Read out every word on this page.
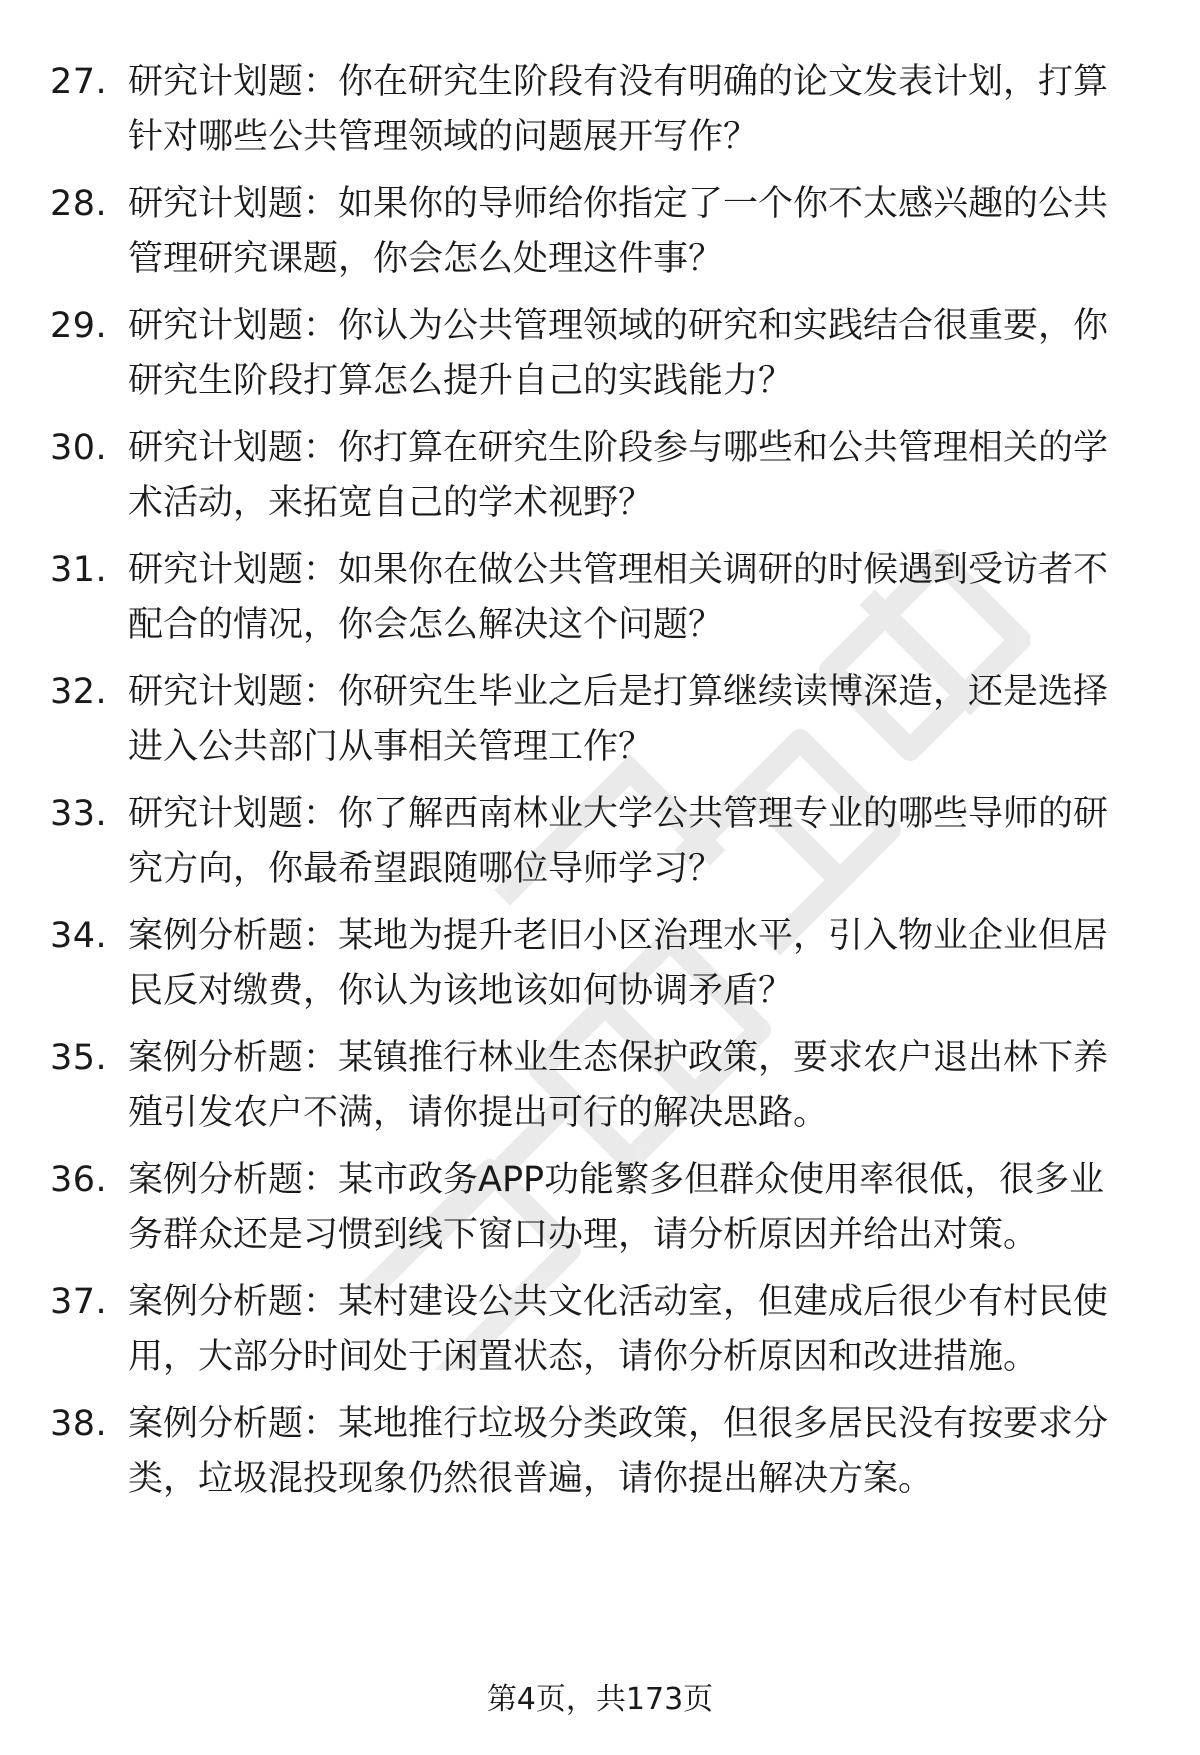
27. 研究计划题：你在研究生阶段有没有明确的论文发表计划，打算针对哪些公共管理领域的问题展开写作？
28. 研究计划题：如果你的导师给你指定了一个你不太感兴趣的公共管理研究课题，你会怎么处理这件事？
29. 研究计划题：你认为公共管理领域的研究和实践结合很重要，你研究生阶段打算怎么提升自己的实践能力？
30. 研究计划题：你打算在研究生阶段参与哪些和公共管理相关的学术活动，来拓宽自己的学术视野？
31. 研究计划题：如果你在做公共管理相关调研的时候遇到受访者不配合的情况，你会怎么解决这个问题？
32. 研究计划题：你研究生毕业之后是打算继续读博深造，还是选择进入公共部门从事相关管理工作？
33. 研究计划题：你了解西南林业大学公共管理专业的哪些导师的研究方向，你最希望跟随哪位导师学习？
34. 案例分析题：某地为提升老旧小区治理水平，引入物业企业但居民反对缴费，你认为该地该如何协调矛盾？
35. 案例分析题：某镇推行林业生态保护政策，要求农户退出林下养殖引发农户不满，请你提出可行的解决思路。
36. 案例分析题：某市政务APP功能繁多但群众使用率很低，很多业务群众还是习惯到线下窗口办理，请分析原因并给出对策。
37. 案例分析题：某村建设公共文化活动室，但建成后很少有村民使用，大部分时间处于闲置状态，请你分析原因和改进措施。
38. 案例分析题：某地推行垃圾分类政策，但很多居民没有按要求分类，垃圾混投现象仍然很普遍，请你提出解决方案。
第4页，共173页
